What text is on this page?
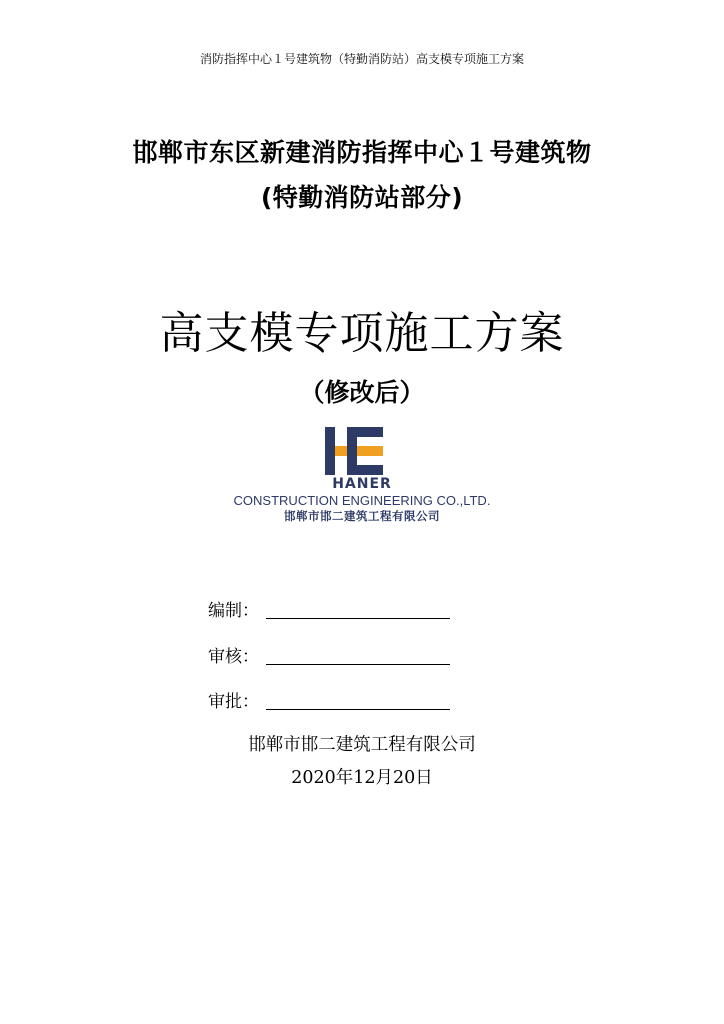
消防指挥中心１号建筑物（特勤消防站）高支模专项施工方案
邯郸市东区新建消防指挥中心１号建筑物
(特勤消防站部分)
高支模专项施工方案
（修改后）
HANER
CONSTRUCTION ENGINEERING CO.,LTD.
邯郸市邯二建筑工程有限公司
编制：
审核：
审批：
邯郸市邯二建筑工程有限公司
2020年12月20日
